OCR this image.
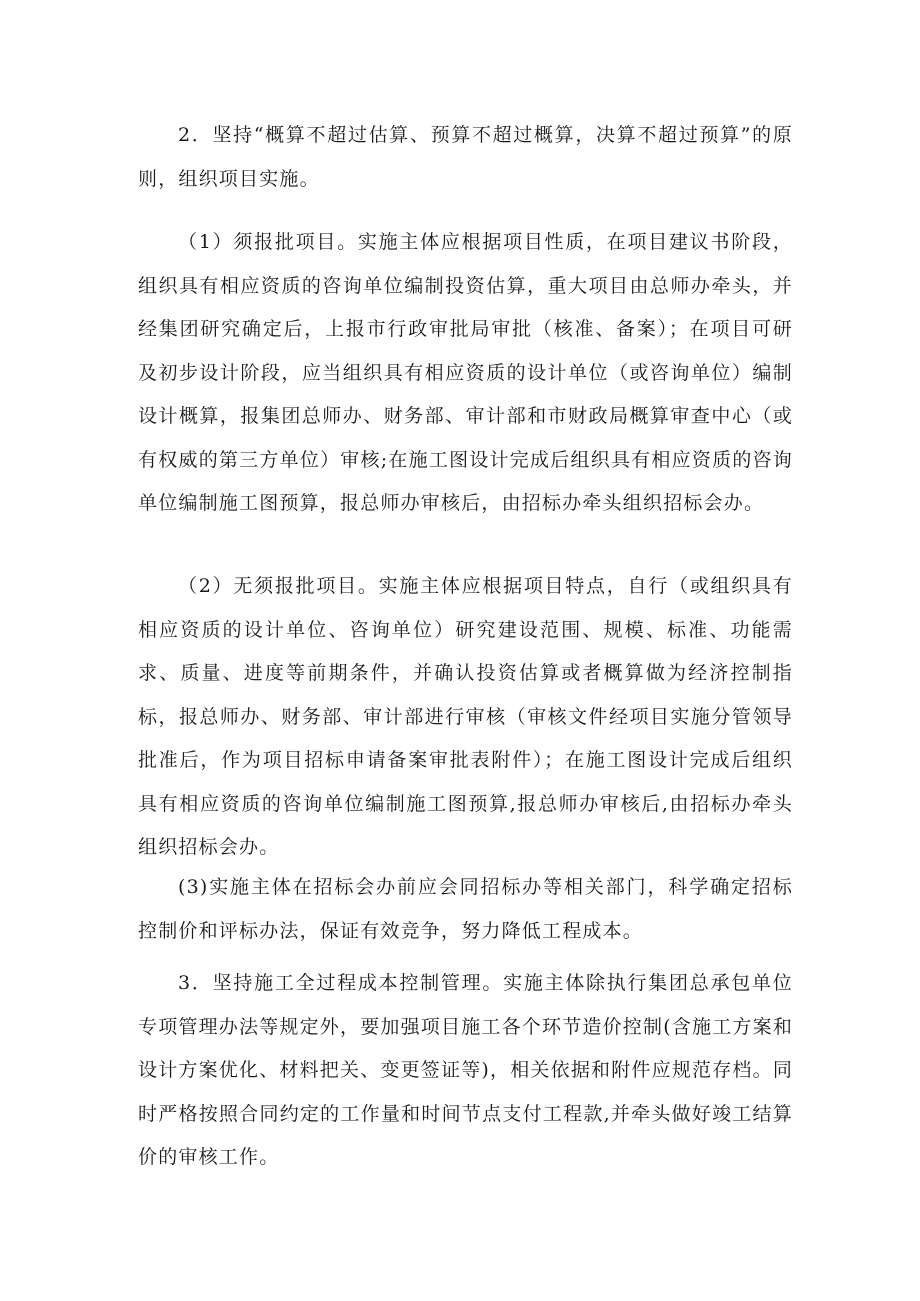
2．坚持“概算不超过估算、预算不超过概算，决算不超过预算”的原则，组织项目实施。

（1）须报批项目。实施主体应根据项目性质，在项目建议书阶段，组织具有相应资质的咨询单位编制投资估算，重大项目由总师办牵头，并经集团研究确定后，上报市行政审批局审批（核准、备案）；在项目可研及初步设计阶段，应当组织具有相应资质的设计单位（或咨询单位）编制设计概算，报集团总师办、财务部、审计部和市财政局概算审查中心（或有权威的第三方单位）审核;在施工图设计完成后组织具有相应资质的咨询单位编制施工图预算，报总师办审核后，由招标办牵头组织招标会办。

（2）无须报批项目。实施主体应根据项目特点，自行（或组织具有相应资质的设计单位、咨询单位）研究建设范围、规模、标准、功能需求、质量、进度等前期条件，并确认投资估算或者概算做为经济控制指标，报总师办、财务部、审计部进行审核（审核文件经项目实施分管领导批准后，作为项目招标申请备案审批表附件）；在施工图设计完成后组织具有相应资质的咨询单位编制施工图预算,报总师办审核后,由招标办牵头组织招标会办。

(3)实施主体在招标会办前应会同招标办等相关部门，科学确定招标控制价和评标办法，保证有效竞争，努力降低工程成本。

3．坚持施工全过程成本控制管理。实施主体除执行集团总承包单位专项管理办法等规定外，要加强项目施工各个环节造价控制(含施工方案和设计方案优化、材料把关、变更签证等)，相关依据和附件应规范存档。同时严格按照合同约定的工作量和时间节点支付工程款,并牵头做好竣工结算价的审核工作。
